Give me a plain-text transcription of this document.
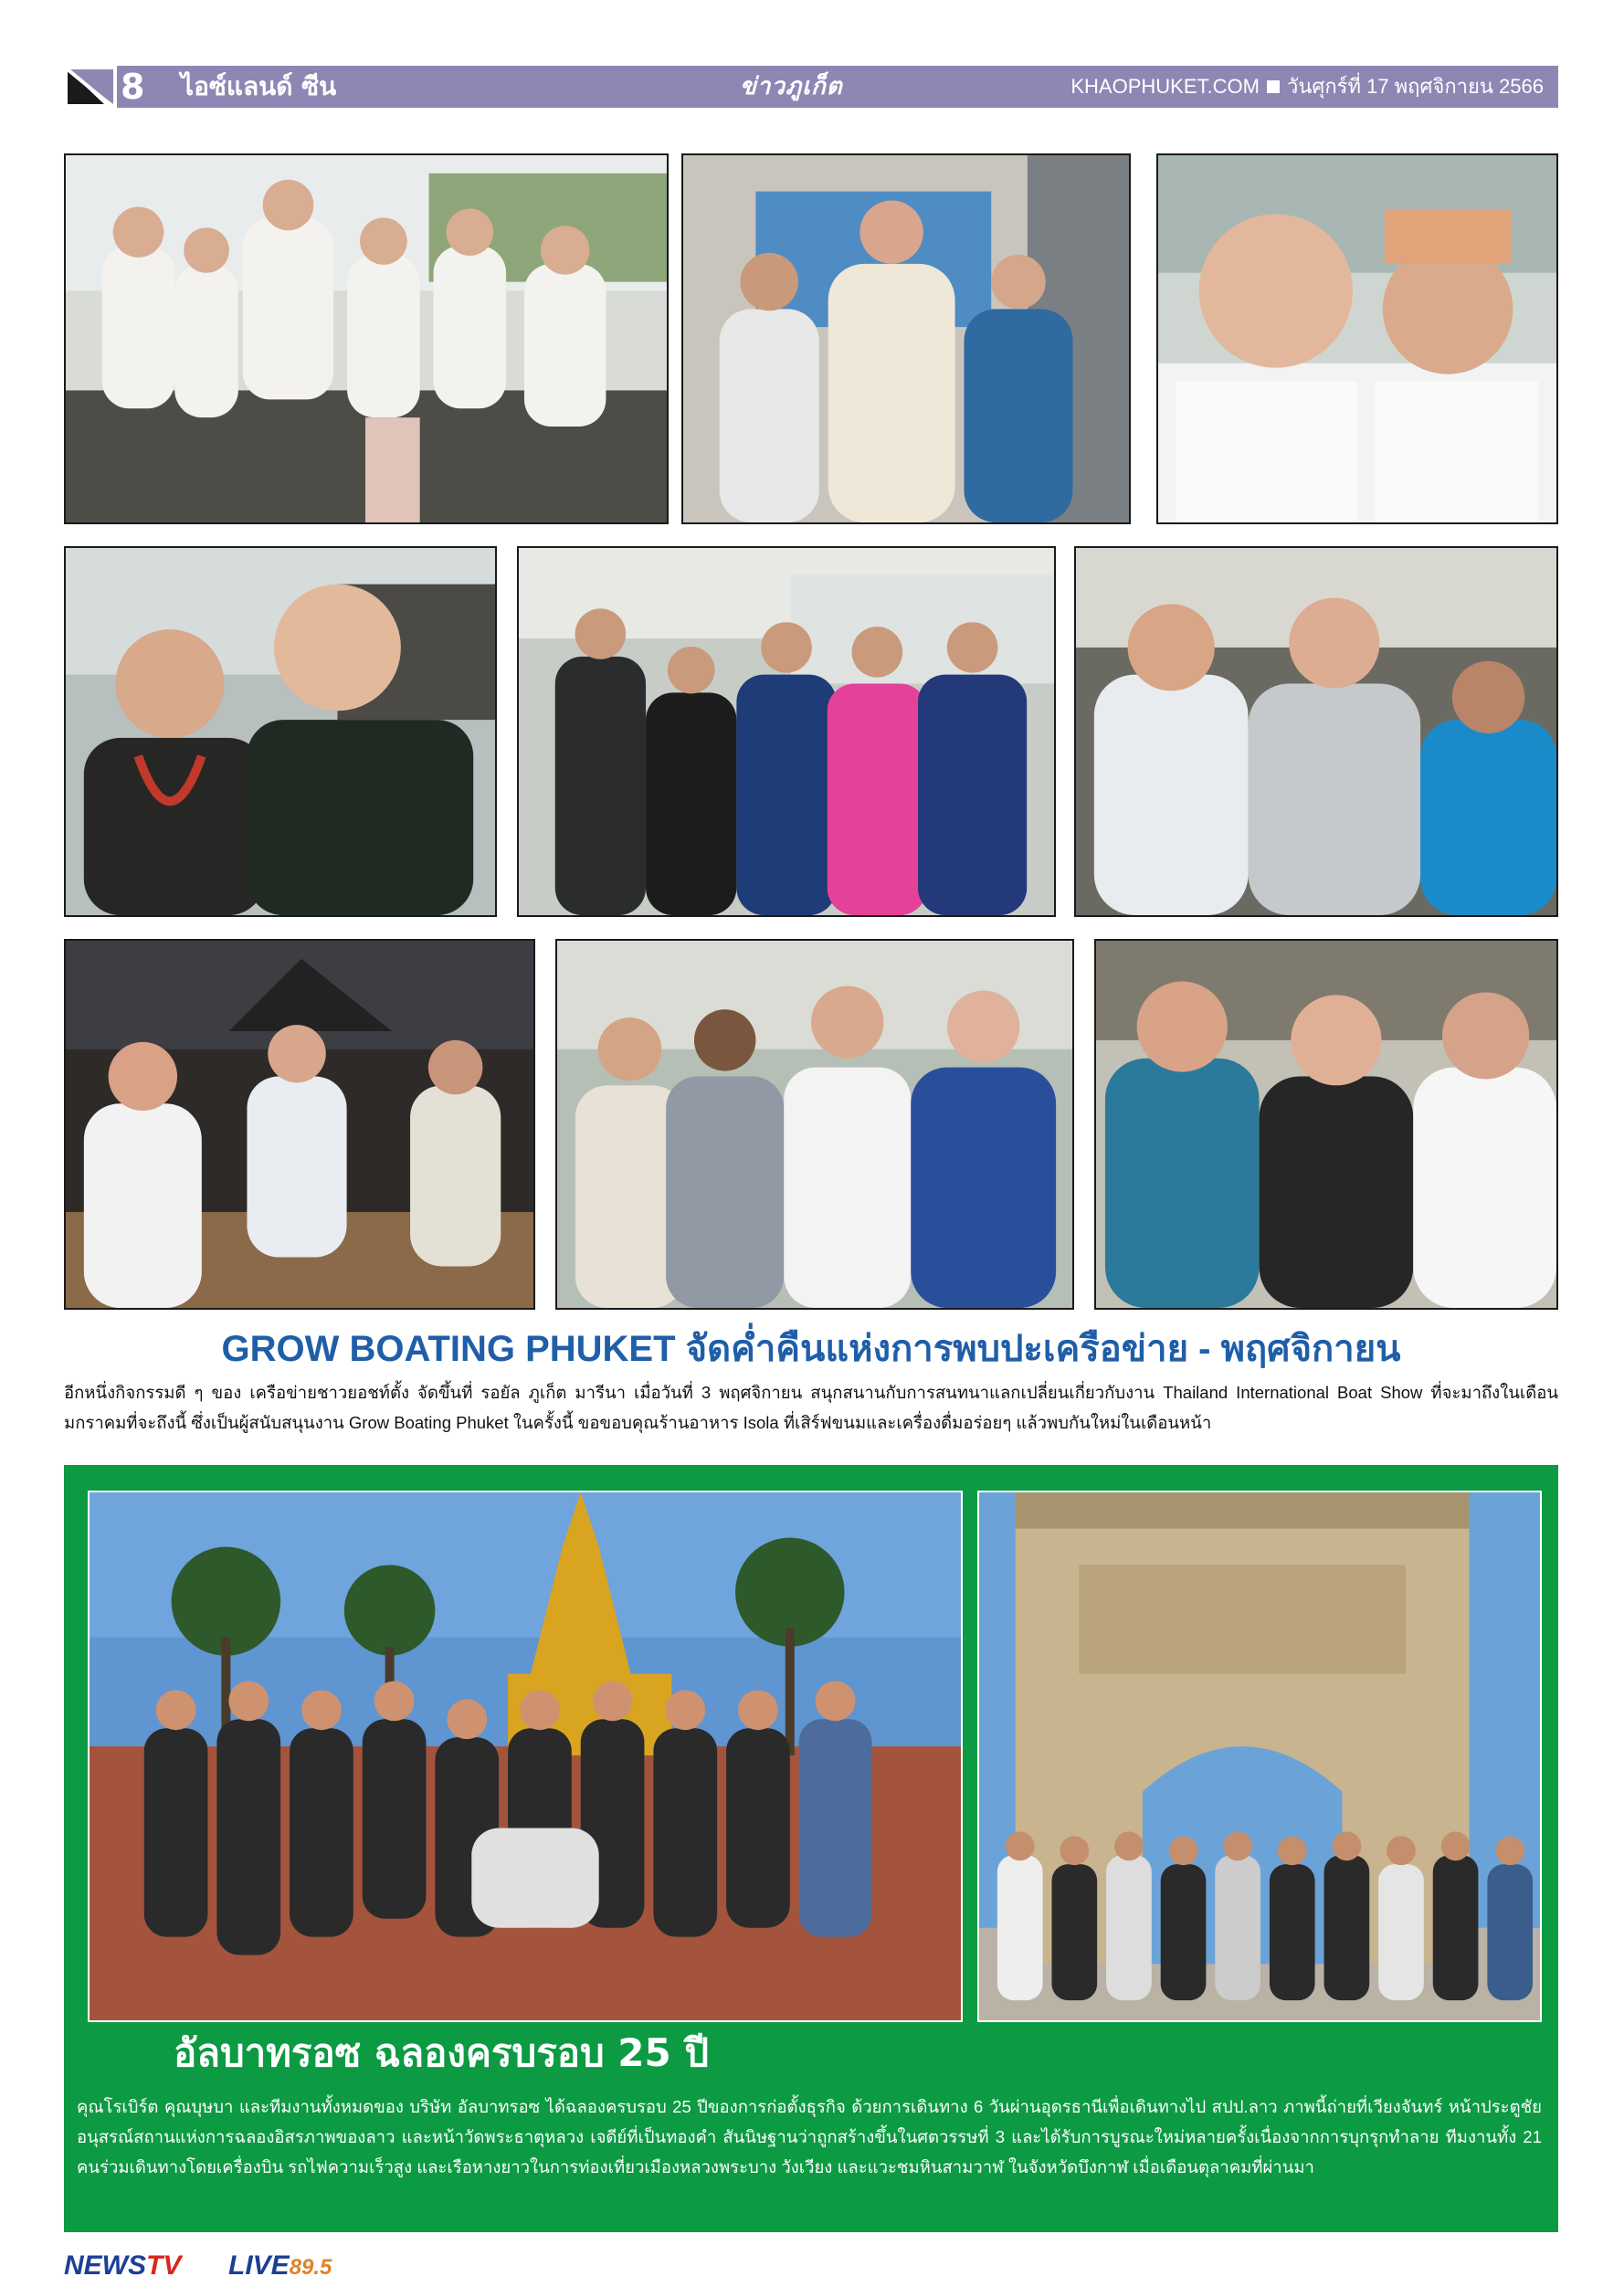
8 ไอซ์แลนด์ ซีน	ข่าวภูเก็ต	KHAOPHUKET.COM วันศุกร์ที่ 17 พฤศจิกายน 2566
GROW BOATING PHUKET จัดค่ำคืนแห่งการพบปะเครือข่าย - พฤศจิกายน
อีกหนึ่งกิจกรรมดี ๆ ของ เครือข่ายชาวยอชท์ตั้ง จัดขึ้นที่ รอยัล ภูเก็ต มารีนา เมื่อวันที่ 3 พฤศจิกายน สนุกสนานกับการสนทนาแลกเปลี่ยนเกี่ยวกับงาน Thailand International Boat Show ที่จะมาถึงในเดือนมกราคมที่จะถึงนี้ ซึ่งเป็นผู้สนับสนุนงาน Grow Boating Phuket ในครั้งนี้ ขอขอบคุณร้านอาหาร Isola ที่เสิร์ฟขนมและเครื่องดื่มอร่อยๆ แล้วพบกันใหม่ในเดือนหน้า
อัลบาทรอซ ฉลองครบรอบ 25 ปี
คุณโรเบิร์ต คุณบุษบา และทีมงานทั้งหมดของ บริษัท อัลบาทรอซ ได้ฉลองครบรอบ 25 ปีของการก่อตั้งธุรกิจ ด้วยการเดินทาง 6 วันผ่านอุดรธานีเพื่อเดินทางไป สปป.ลาว ภาพนี้ถ่ายที่เวียงจันทร์ หน้าประตูชัย อนุสรณ์สถานแห่งการฉลองอิสรภาพของลาว และหน้าวัดพระธาตุหลวง เจดีย์ที่เป็นทองคำ สันนิษฐานว่าถูกสร้างขึ้นในศตวรรษที่ 3 และได้รับการบูรณะใหม่หลายครั้งเนื่องจากการบุกรุกทำลาย ทีมงานทั้ง 21 คนร่วมเดินทางโดยเครื่องบิน รถไฟความเร็วสูง และเรือหางยาวในการท่องเที่ยวเมืองหลวงพระบาง วังเวียง และแวะชมหินสามวาฬ ในจังหวัดบึงกาฬ เมื่อเดือนตุลาคมที่ผ่านมา
NEWSTV LIVE89.5
